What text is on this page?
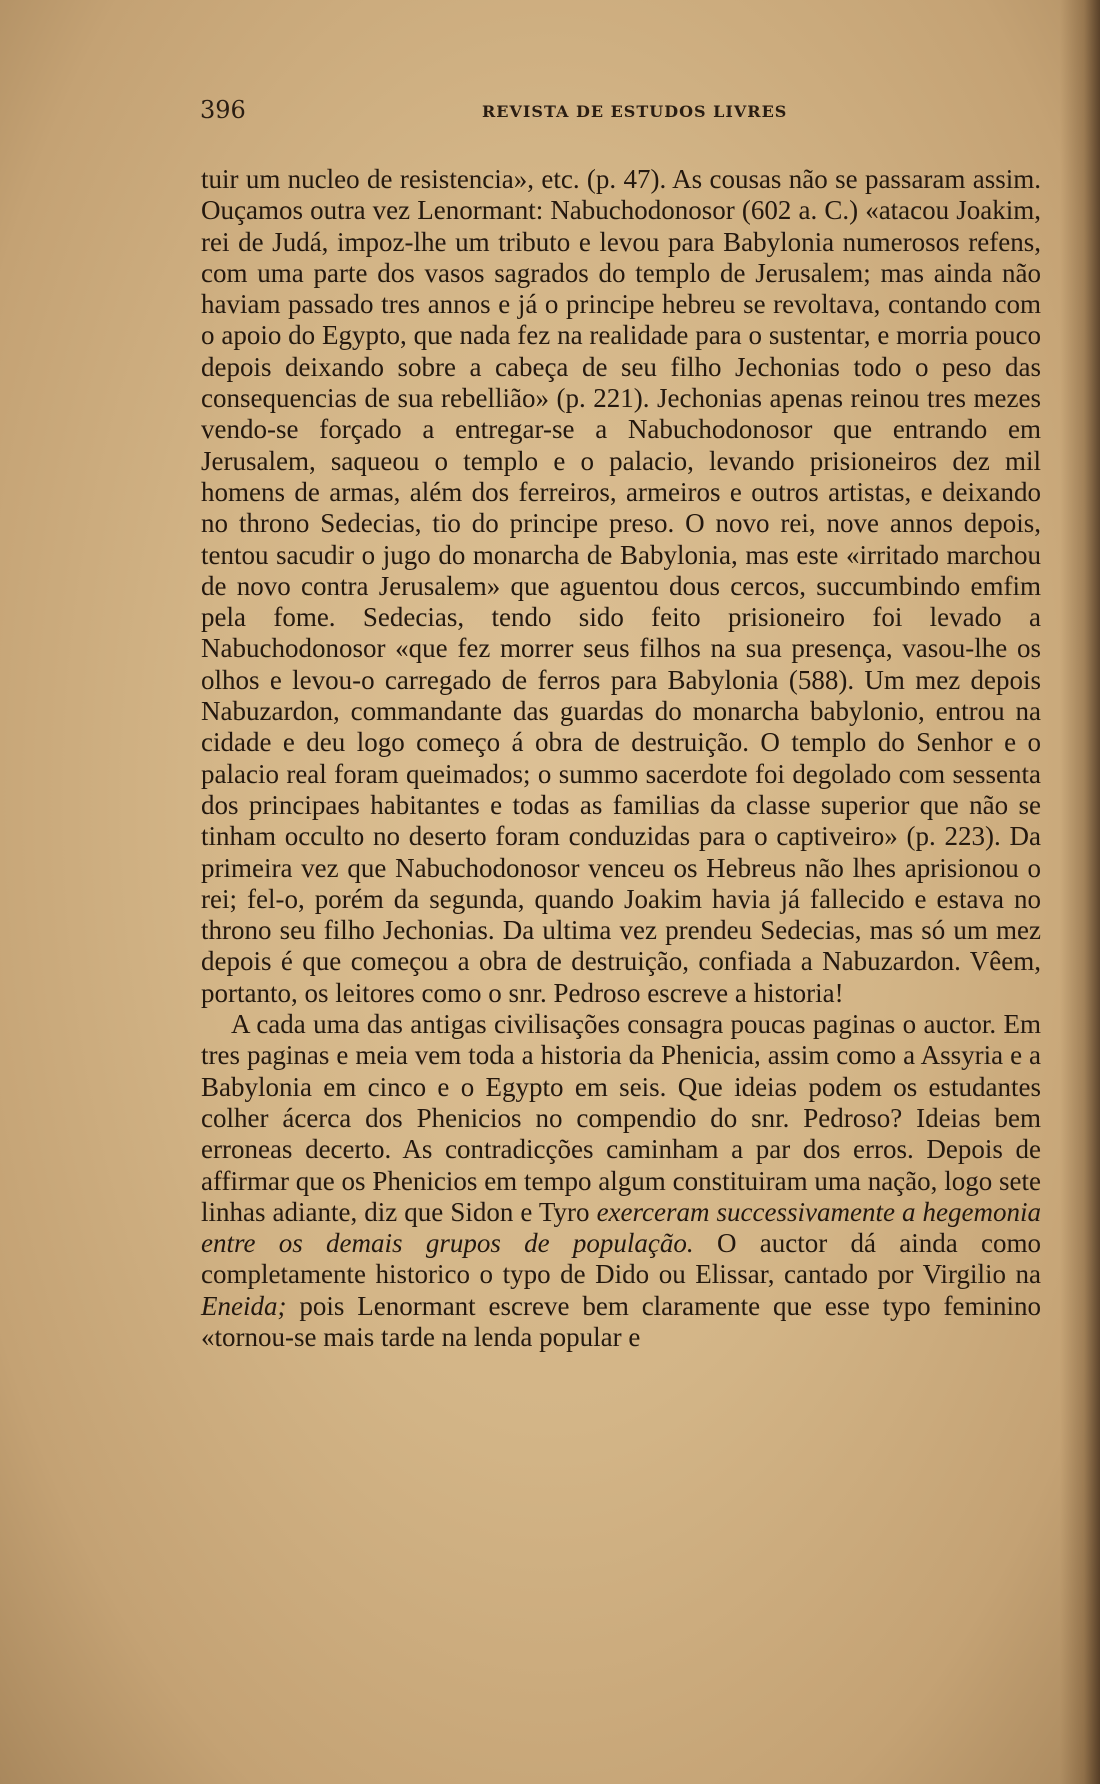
396	REVISTA DE ESTUDOS LIVRES

tuir um nucleo de resistencia», etc. (p. 47). As cousas não se passaram assim. Ouçamos outra vez Lenormant: Nabuchodonosor (602 a. C.) «atacou Joakim, rei de Judá, impoz-lhe um tributo e levou para Babylonia numerosos refens, com uma parte dos vasos sagrados do templo de Jerusalem; mas ainda não haviam passado tres annos e já o principe hebreu se revoltava, contando com o apoio do Egypto, que nada fez na realidade para o sustentar, e morria pouco depois deixando sobre a cabeça de seu filho Jechonias todo o peso das consequencias de sua rebellião» (p. 221). Jechonias apenas reinou tres mezes vendo-se forçado a entregar-se a Nabuchodonosor que entrando em Jerusalem, saqueou o templo e o palacio, levando prisioneiros dez mil homens de armas, além dos ferreiros, armeiros e outros artistas, e deixando no throno Sedecias, tio do principe preso. O novo rei, nove annos depois, tentou sacudir o jugo do monarcha de Babylonia, mas este «irritado marchou de novo contra Jerusalem» que aguentou dous cercos, succumbindo emfim pela fome. Sedecias, tendo sido feito prisioneiro foi levado a Nabuchodonosor «que fez morrer seus filhos na sua presença, vasou-lhe os olhos e levou-o carregado de ferros para Babylonia (588). Um mez depois Nabuzardon, commandante das guardas do monarcha babylonio, entrou na cidade e deu logo começo á obra de destruição. O templo do Senhor e o palacio real foram queimados; o summo sacerdote foi degolado com sessenta dos principaes habitantes e todas as familias da classe superior que não se tinham occulto no deserto foram conduzidas para o captiveiro» (p. 223). Da primeira vez que Nabuchodonosor venceu os Hebreus não lhes aprisionou o rei; fel-o, porém da segunda, quando Joakim havia já fallecido e estava no throno seu filho Jechonias. Da ultima vez prendeu Sedecias, mas só um mez depois é que começou a obra de destruição, confiada a Nabuzardon. Vêem, portanto, os leitores como o snr. Pedroso escreve a historia!

A cada uma das antigas civilisações consagra poucas paginas o auctor. Em tres paginas e meia vem toda a historia da Phenicia, assim como a Assyria e a Babylonia em cinco e o Egypto em seis. Que ideias podem os estudantes colher ácerca dos Phenicios no compendio do snr. Pedroso? Ideias bem erroneas decerto. As contradicções caminham a par dos erros. Depois de affirmar que os Phenicios em tempo algum constituiram uma nação, logo sete linhas adiante, diz que Sidon e Tyro exerceram successivamente a hegemonia entre os demais grupos de população. O auctor dá ainda como completamente historico o typo de Dido ou Elissar, cantado por Virgilio na Eneida; pois Lenormant escreve bem claramente que esse typo feminino «tornou-se mais tarde na lenda popular e
